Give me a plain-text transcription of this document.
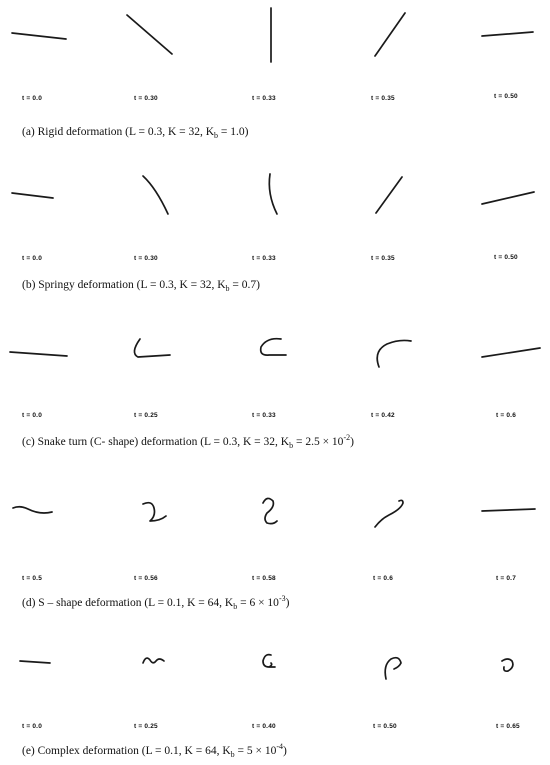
t = 0.0	t = 0.30	t = 0.33	t = 0.35	t = 0.50
(a) Rigid deformation (L = 0.3, K = 32, $K_b = 1.0$)
t = 0.0	t = 0.30	t = 0.33	t = 0.35	t = 0.50
(b) Springy deformation (L = 0.3, K = 32, $K_b = 0.7$)
t = 0.0	t = 0.25	t = 0.33	t = 0.42	t = 0.6
(c) Snake turn (C- shape) deformation (L = 0.3, K = 32, $K_b = 2.5 \times 10^{-2}$)
t = 0.5	t = 0.56	t = 0.58	t = 0.6	t = 0.7
(d) S – shape deformation (L = 0.1, K = 64, $K_b = 6 \times 10^{-3}$)
t = 0.0	t = 0.25	t = 0.40	t = 0.50	t = 0.65
(e) Complex deformation (L = 0.1, K = 64, $K_b = 5 \times 10^{-4}$)
